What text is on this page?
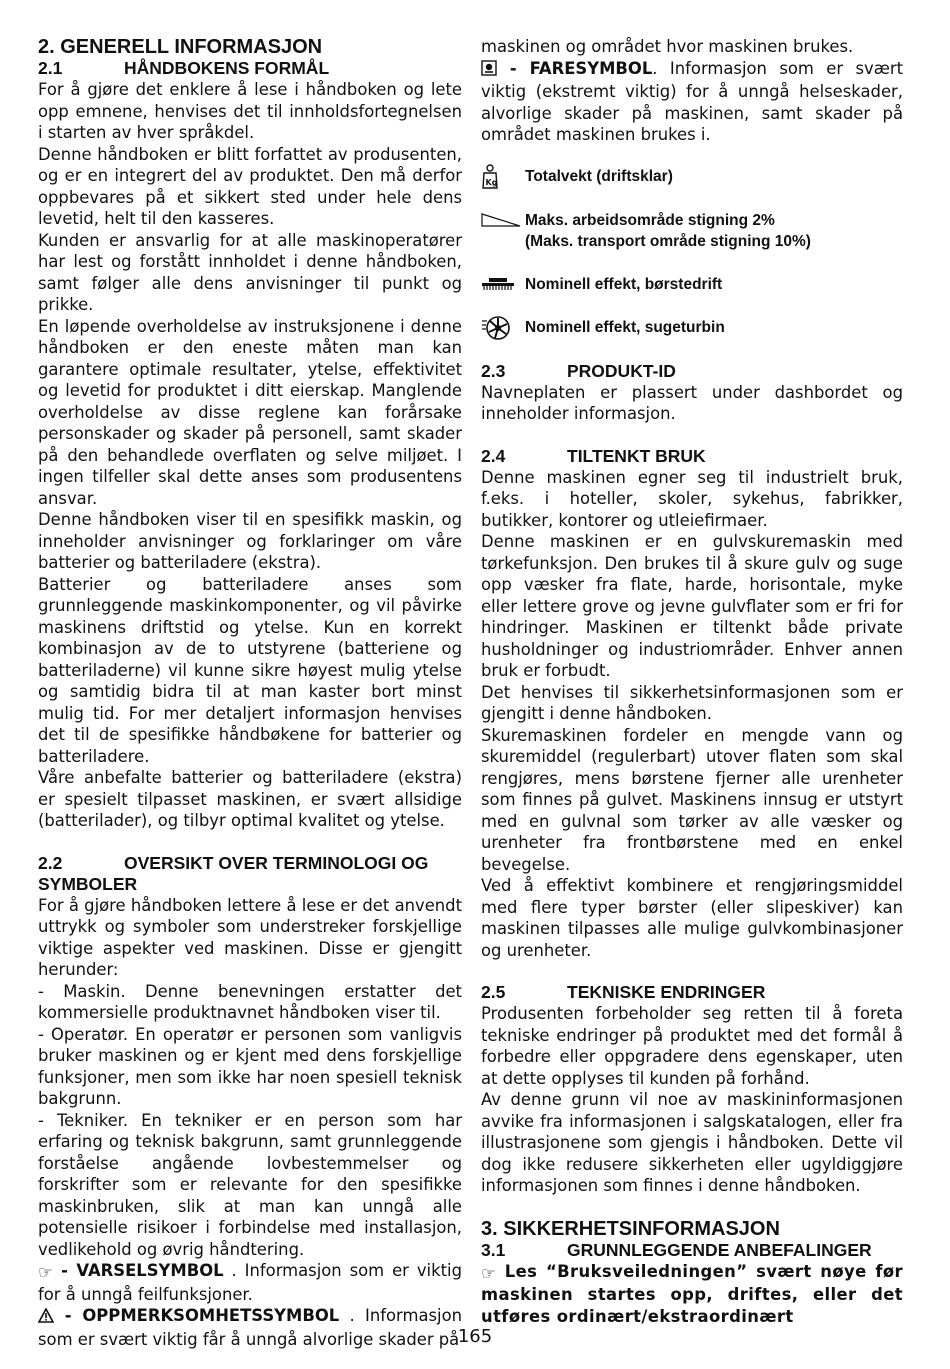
2. GENERELL INFORMASJON
2.1	HÅNDBOKENS FORMÅL

For å gjøre det enklere å lese i håndboken og lete opp emnene, henvises det til innholdsfortegnelsen i starten av hver språkdel.

Denne håndboken er blitt forfattet av produsenten, og er en integrert del av produktet. Den må derfor oppbevares på et sikkert sted under hele dens levetid, helt til den kasseres.

Kunden er ansvarlig for at alle maskinoperatører har lest og forstått innholdet i denne håndboken, samt følger alle dens anvisninger til punkt og prikke.

En løpende overholdelse av instruksjonene i denne håndboken er den eneste måten man kan garantere optimale resultater, ytelse, effektivitet og levetid for produktet i ditt eierskap. Manglende overholdelse av disse reglene kan forårsake personskader og skader på personell, samt skader på den behandlede overflaten og selve miljøet. I ingen tilfeller skal dette anses som produsentens ansvar.

Denne håndboken viser til en spesifikk maskin, og inneholder anvisninger og forklaringer om våre batterier og batteriladere (ekstra).

Batterier og batteriladere anses som grunnleggende maskinkomponenter, og vil påvirke maskinens driftstid og ytelse. Kun en korrekt kombinasjon av de to utstyrene (batteriene og batteriladerne) vil kunne sikre høyest mulig ytelse og samtidig bidra til at man kaster bort minst mulig tid. For mer detaljert informasjon henvises det til de spesifikke håndbøkene for batterier og batteriladere.

Våre anbefalte batterier og batteriladere (ekstra) er spesielt tilpasset maskinen, er svært allsidige (batterilader), og tilbyr optimal kvalitet og ytelse.

2.2	OVERSIKT OVER TERMINOLOGI OG SYMBOLER

For å gjøre håndboken lettere å lese er det anvendt uttrykk og symboler som understreker forskjellige viktige aspekter ved maskinen. Disse er gjengitt herunder:

- Maskin. Denne benevningen erstatter det kommersielle produktnavnet håndboken viser til.

- Operatør. En operatør er personen som vanligvis bruker maskinen og er kjent med dens forskjellige funksjoner, men som ikke har noen spesiell teknisk bakgrunn.

- Tekniker. En tekniker er en person som har erfaring og teknisk bakgrunn, samt grunnleggende forståelse angående lovbestemmelser og forskrifter som er relevante for den spesifikke maskinbruken, slik at man kan unngå alle potensielle risikoer i forbindelse med installasjon, vedlikehold og øvrig håndtering.

☞ - VARSELSYMBOL . Informasjon som er viktig for å unngå feilfunksjoner.

- OPPMERKSOMHETSSYMBOL . Informasjon som er svært viktig får å unngå alvorlige skader på

maskinen og området hvor maskinen brukes.

- FARESYMBOL. Informasjon som er svært viktig (ekstremt viktig) for å unngå helseskader, alvorlige skader på maskinen, samt skader på området maskinen brukes i.

Kg Totalvekt (driftsklar)
Maks. arbeidsområde stigning 2%
(Maks. transport område stigning 10%)
Nominell effekt, børstedrift
Nominell effekt, sugeturbin
2.3	PRODUKT-ID

Navneplaten er plassert under dashbordet og inneholder informasjon.

2.4	TILTENKT BRUK

Denne maskinen egner seg til industrielt bruk, f.eks. i hoteller, skoler, sykehus, fabrikker, butikker, kontorer og utleiefirmaer.

Denne maskinen er en gulvskuremaskin med tørkefunksjon. Den brukes til å skure gulv og suge opp væsker fra flate, harde, horisontale, myke eller lettere grove og jevne gulvflater som er fri for hindringer. Maskinen er tiltenkt både private husholdninger og industriområder. Enhver annen bruk er forbudt.

Det henvises til sikkerhetsinformasjonen som er gjengitt i denne håndboken.

Skuremaskinen fordeler en mengde vann og skuremiddel (regulerbart) utover flaten som skal rengjøres, mens børstene fjerner alle urenheter som finnes på gulvet. Maskinens innsug er utstyrt med en gulvnal som tørker av alle væsker og urenheter fra frontbørstene med en enkel bevegelse.

Ved å effektivt kombinere et rengjøringsmiddel med flere typer børster (eller slipeskiver) kan maskinen tilpasses alle mulige gulvkombinasjoner og urenheter.

2.5	TEKNISKE ENDRINGER

Produsenten forbeholder seg retten til å foreta tekniske endringer på produktet med det formål å forbedre eller oppgradere dens egenskaper, uten at dette opplyses til kunden på forhånd.

Av denne grunn vil noe av maskininformasjonen avvike fra informasjonen i salgskatalogen, eller fra illustrasjonene som gjengis i håndboken. Dette vil dog ikke redusere sikkerheten eller ugyldiggjøre informasjonen som finnes i denne håndboken.

3. SIKKERHETSINFORMASJON
3.1	GRUNNLEGGENDE ANBEFALINGER

☞ Les “Bruksveiledningen” svært nøye før maskinen startes opp, driftes, eller det utføres ordinært/ekstraordinært

165
